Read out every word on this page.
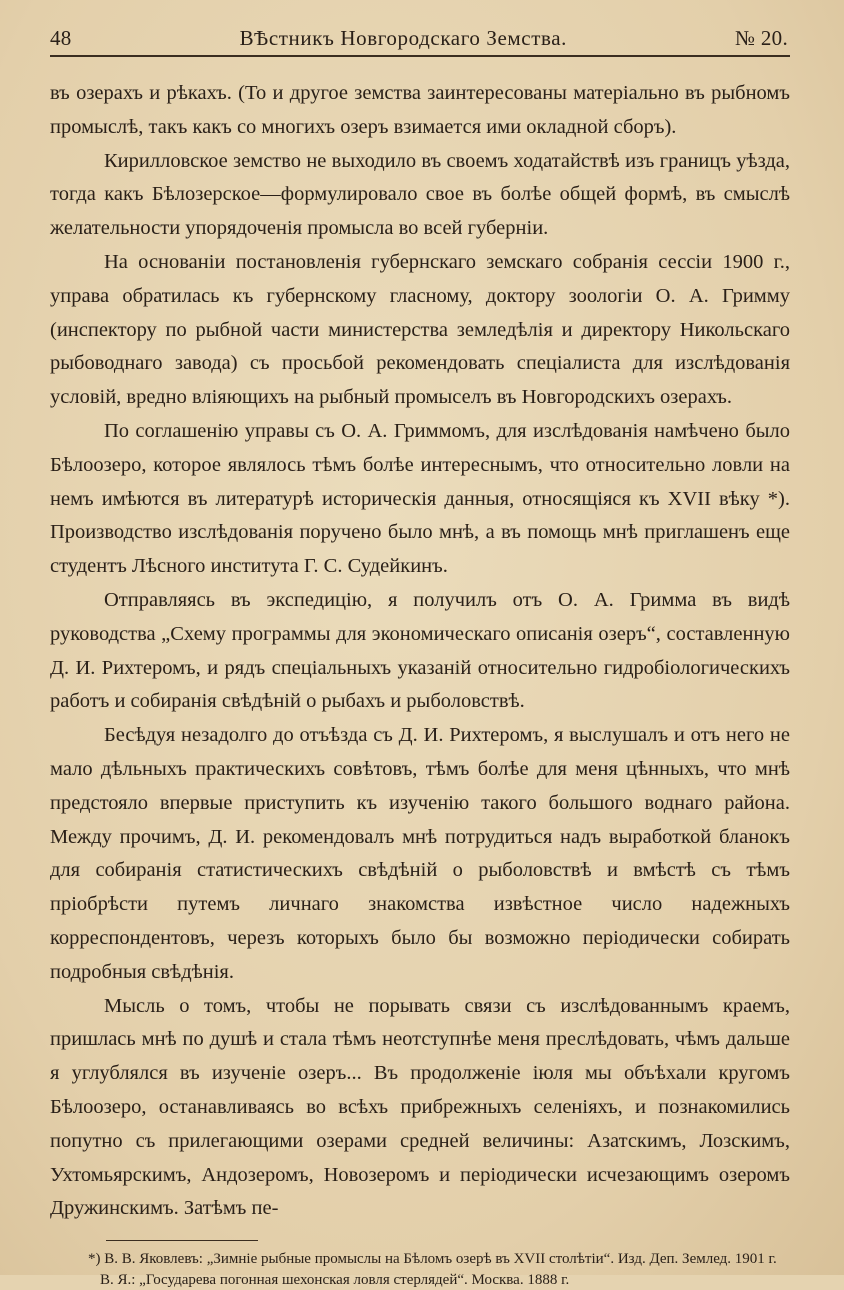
48	ВѢстникъ Новгородскаго Земства.	№ 20.

въ озерахъ и рѣкахъ. (То и другое земства заинтересованы матеріально въ рыбномъ промыслѣ, такъ какъ со многихъ озеръ взимается ими окладной сборъ).

Кирилловское земство не выходило въ своемъ ходатайствѣ изъ границъ уѣзда, тогда какъ Бѣлозерское—формулировало свое въ болѣе общей формѣ, въ смыслѣ желательности упорядоченія промысла во всей губерніи.

На основаніи постановленія губернскаго земскаго собранія сессіи 1900 г., управа обратилась къ губернскому гласному, доктору зоологіи О. А. Гримму (инспектору по рыбной части министерства земледѣлія и директору Никольскаго рыбоводнаго завода) съ просьбой рекомендовать спеціалиста для изслѣдованія условій, вредно вліяющихъ на рыбный промыселъ въ Новгородскихъ озерахъ.

По соглашенію управы съ О. А. Гриммомъ, для изслѣдованія намѣчено было Бѣлоозеро, которое являлось тѣмъ болѣе интереснымъ, что относительно ловли на немъ имѣются въ литературѣ историческія данныя, относящіяся къ XVII вѣку *). Производство изслѣдованія поручено было мнѣ, а въ помощь мнѣ приглашенъ еще студентъ Лѣсного института Г. С. Судейкинъ.

Отправляясь въ экспедицію, я получилъ отъ О. А. Гримма въ видѣ руководства „Схему программы для экономическаго описанія озеръ“, составленную Д. И. Рихтеромъ, и рядъ спеціальныхъ указаній относительно гидробіологическихъ работъ и собиранія свѣдѣній о рыбахъ и рыболовствѣ.

Бесѣдуя незадолго до отъѣзда съ Д. И. Рихтеромъ, я выслушалъ и отъ него не мало дѣльныхъ практическихъ совѣтовъ, тѣмъ болѣе для меня цѣнныхъ, что мнѣ предстояло впервые приступить къ изученію такого большого воднаго района. Между прочимъ, Д. И. рекомендовалъ мнѣ потрудиться надъ выработкой бланокъ для собиранія статистическихъ свѣдѣній о рыболовствѣ и вмѣстѣ съ тѣмъ пріобрѣсти путемъ личнаго знакомства извѣстное число надежныхъ корреспондентовъ, черезъ которыхъ было бы возможно періодически собирать подробныя свѣдѣнія.

Мысль о томъ, чтобы не порывать связи съ изслѣдованнымъ краемъ, пришлась мнѣ по душѣ и стала тѣмъ неотступнѣе меня преслѣдовать, чѣмъ дальше я углублялся въ изученіе озеръ... Въ продолженіе іюля мы объѣхали кругомъ Бѣлоозеро, останавливаясь во всѣхъ прибрежныхъ селеніяхъ, и познакомились попутно съ прилегающими озерами средней величины: Азатскимъ, Лозскимъ, Ухтомьярскимъ, Андозеромъ, Новозеромъ и періодически исчезающимъ озеромъ Дружинскимъ. Затѣмъ пе-

*) В. В. Яковлевъ: „Зимніе рыбные промыслы на Бѣломъ озерѣ въ XVII столѣтіи“. Изд. Деп. Землед. 1901 г.

В. Я.: „Государева погонная шехонская ловля стерлядей“. Москва. 1888 г.
